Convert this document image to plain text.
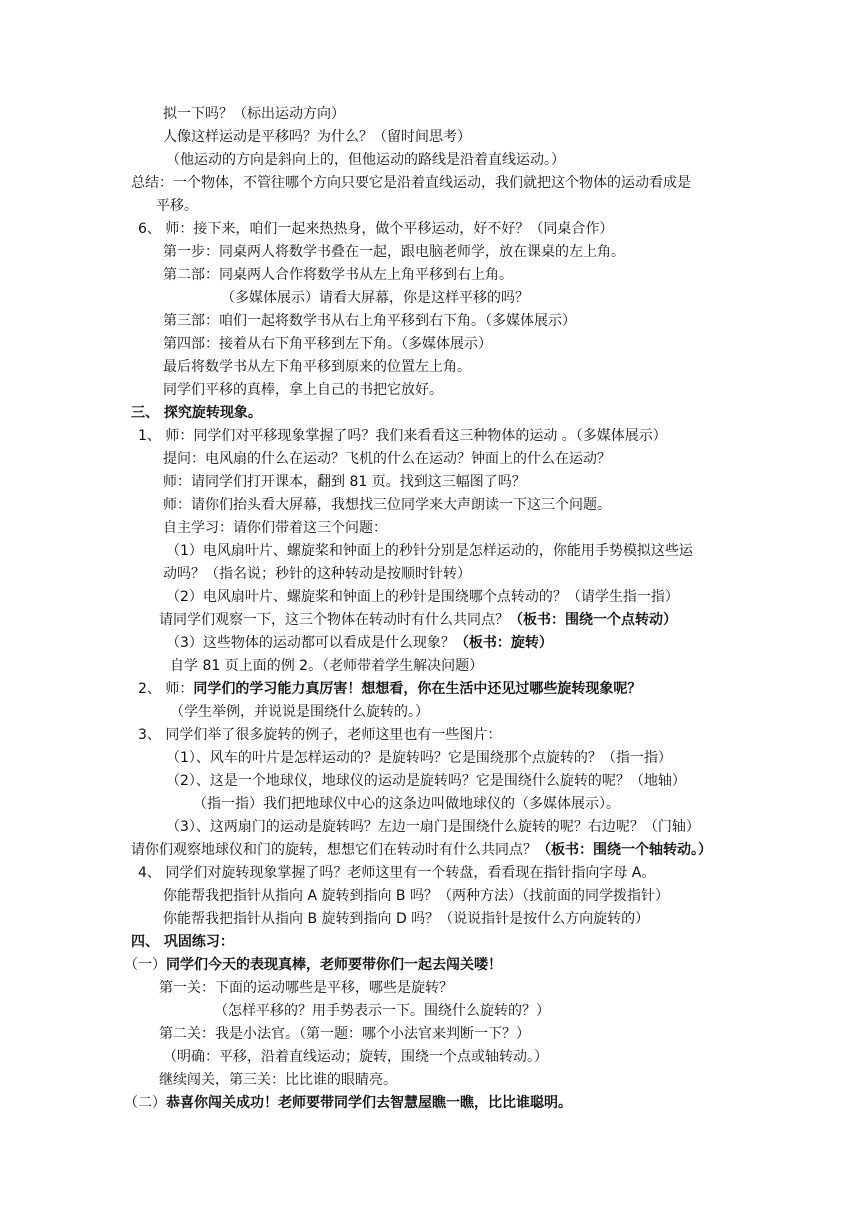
拟一下吗？（标出运动方向）
人像这样运动是平移吗？为什么？（留时间思考）
（他运动的方向是斜向上的，但他运动的路线是沿着直线运动。）
总结：一个物体，不管往哪个方向只要它是沿着直线运动，我们就把这个物体的运动看成是
平移。
6、 师：接下来，咱们一起来热热身，做个平移运动，好不好？（同桌合作）
第一步：同桌两人将数学书叠在一起，跟电脑老师学，放在课桌的左上角。
第二部：同桌两人合作将数学书从左上角平移到右上角。
（多媒体展示）请看大屏幕，你是这样平移的吗？
第三部：咱们一起将数学书从右上角平移到右下角。（多媒体展示）
第四部：接着从右下角平移到左下角。（多媒体展示）
最后将数学书从左下角平移到原来的位置左上角。
同学们平移的真棒，拿上自己的书把它放好。
三、 探究旋转现象。
1、 师：同学们对平移现象掌握了吗？我们来看看这三种物体的运动 。（多媒体展示）
提问：电风扇的什么在运动？飞机的什么在运动？钟面上的什么在运动？
师：请同学们打开课本，翻到 81 页。找到这三幅图了吗？
师：请你们抬头看大屏幕，我想找三位同学来大声朗读一下这三个问题。
自主学习：请你们带着这三个问题：
（1）电风扇叶片、螺旋桨和钟面上的秒针分别是怎样运动的，你能用手势模拟这些运
动吗？（指名说；秒针的这种转动是按顺时针转）
（2）电风扇叶片、螺旋桨和钟面上的秒针是围绕哪个点转动的？（请学生指一指）
请同学们观察一下，这三个物体在转动时有什么共同点？（板书：围绕一个点转动）
（3）这些物体的运动都可以看成是什么现象？（板书：旋转）
自学 81 页上面的例 2。（老师带着学生解决问题）
2、 师：同学们的学习能力真厉害！想想看，你在生活中还见过哪些旋转现象呢？
（学生举例，并说说是围绕什么旋转的。）
3、 同学们举了很多旋转的例子，老师这里也有一些图片：
（1）、风车的叶片是怎样运动的？是旋转吗？它是围绕那个点旋转的？（指一指）
（2）、这是一个地球仪，地球仪的运动是旋转吗？它是围绕什么旋转的呢？（地轴）
（指一指）我们把地球仪中心的这条边叫做地球仪的（多媒体展示）。
（3）、这两扇门的运动是旋转吗？左边一扇门是围绕什么旋转的呢？右边呢？（门轴）
请你们观察地球仪和门的旋转，想想它们在转动时有什么共同点？（板书：围绕一个轴转动。）
4、 同学们对旋转现象掌握了吗？老师这里有一个转盘，看看现在指针指向字母 A。
你能帮我把指针从指向 A 旋转到指向 B 吗？（两种方法）（找前面的同学拨指针）
你能帮我把指针从指向 B 旋转到指向 D 吗？（说说指针是按什么方向旋转的）
四、 巩固练习：
（一）同学们今天的表现真棒，老师要带你们一起去闯关喽！
第一关：下面的运动哪些是平移，哪些是旋转？
（怎样平移的？用手势表示一下。围绕什么旋转的？）
第二关：我是小法官。（第一题：哪个小法官来判断一下？）
（明确：平移，沿着直线运动；旋转，围绕一个点或轴转动。）
继续闯关，第三关：比比谁的眼睛亮。
（二）恭喜你闯关成功！老师要带同学们去智慧屋瞧一瞧，比比谁聪明。
